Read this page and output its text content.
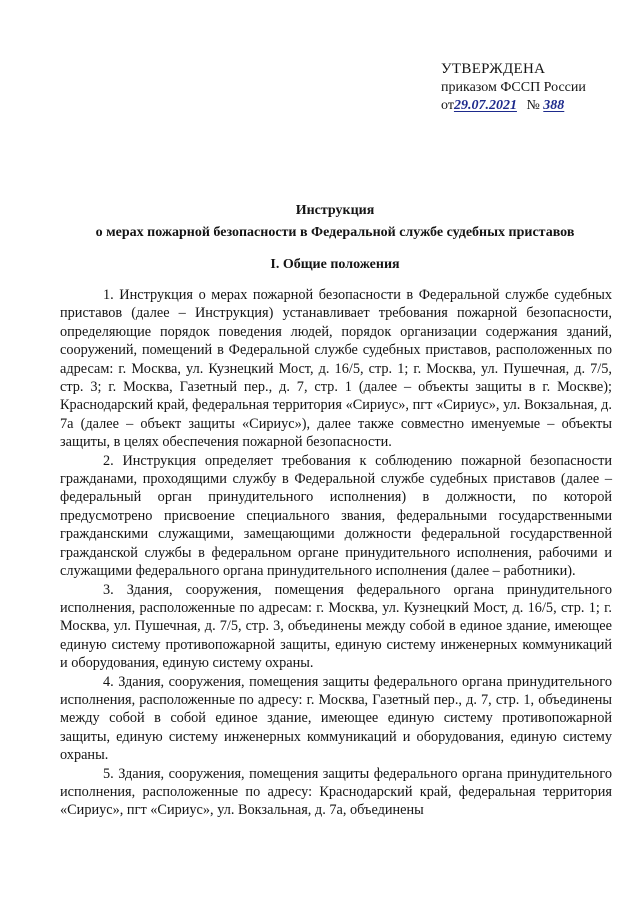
УТВЕРЖДЕНА
приказом ФССП России
от29.07.2021 № 388
Инструкция
о мерах пожарной безопасности в Федеральной службе судебных приставов
I. Общие положения

1. Инструкция о мерах пожарной безопасности в Федеральной службе судебных приставов (далее – Инструкция) устанавливает требования пожарной безопасности, определяющие порядок поведения людей, порядок организации содержания зданий, сооружений, помещений в Федеральной службе судебных приставов, расположенных по адресам: г. Москва, ул. Кузнецкий Мост, д. 16/5, стр. 1; г. Москва, ул. Пушечная, д. 7/5, стр. 3; г. Москва, Газетный пер., д. 7, стр. 1 (далее – объекты защиты в г. Москве); Краснодарский край, федеральная территория «Сириус», пгт «Сириус», ул. Вокзальная, д. 7а (далее – объект защиты «Сириус»), далее также совместно именуемые – объекты защиты, в целях обеспечения пожарной безопасности.

2. Инструкция определяет требования к соблюдению пожарной безопасности гражданами, проходящими службу в Федеральной службе судебных приставов (далее – федеральный орган принудительного исполнения) в должности, по которой предусмотрено присвоение специального звания, федеральными государственными гражданскими служащими, замещающими должности федеральной государственной гражданской службы в федеральном органе принудительного исполнения, рабочими и служащими федерального органа принудительного исполнения (далее – работники).

3. Здания, сооружения, помещения федерального органа принудительного исполнения, расположенные по адресам: г. Москва, ул. Кузнецкий Мост, д. 16/5, стр. 1; г. Москва, ул. Пушечная, д. 7/5, стр. 3, объединены между собой в единое здание, имеющее единую систему противопожарной защиты, единую систему инженерных коммуникаций и оборудования, единую систему охраны.

4. Здания, сооружения, помещения защиты федерального органа принудительного исполнения, расположенные по адресу: г. Москва, Газетный пер., д. 7, стр. 1, объединены между собой в собой единое здание, имеющее единую систему противопожарной защиты, единую систему инженерных коммуникаций и оборудования, единую систему охраны.

5. Здания, сооружения, помещения защиты федерального органа принудительного исполнения, расположенные по адресу: Краснодарский край, федеральная территория «Сириус», пгт «Сириус», ул. Вокзальная, д. 7а, объединены
